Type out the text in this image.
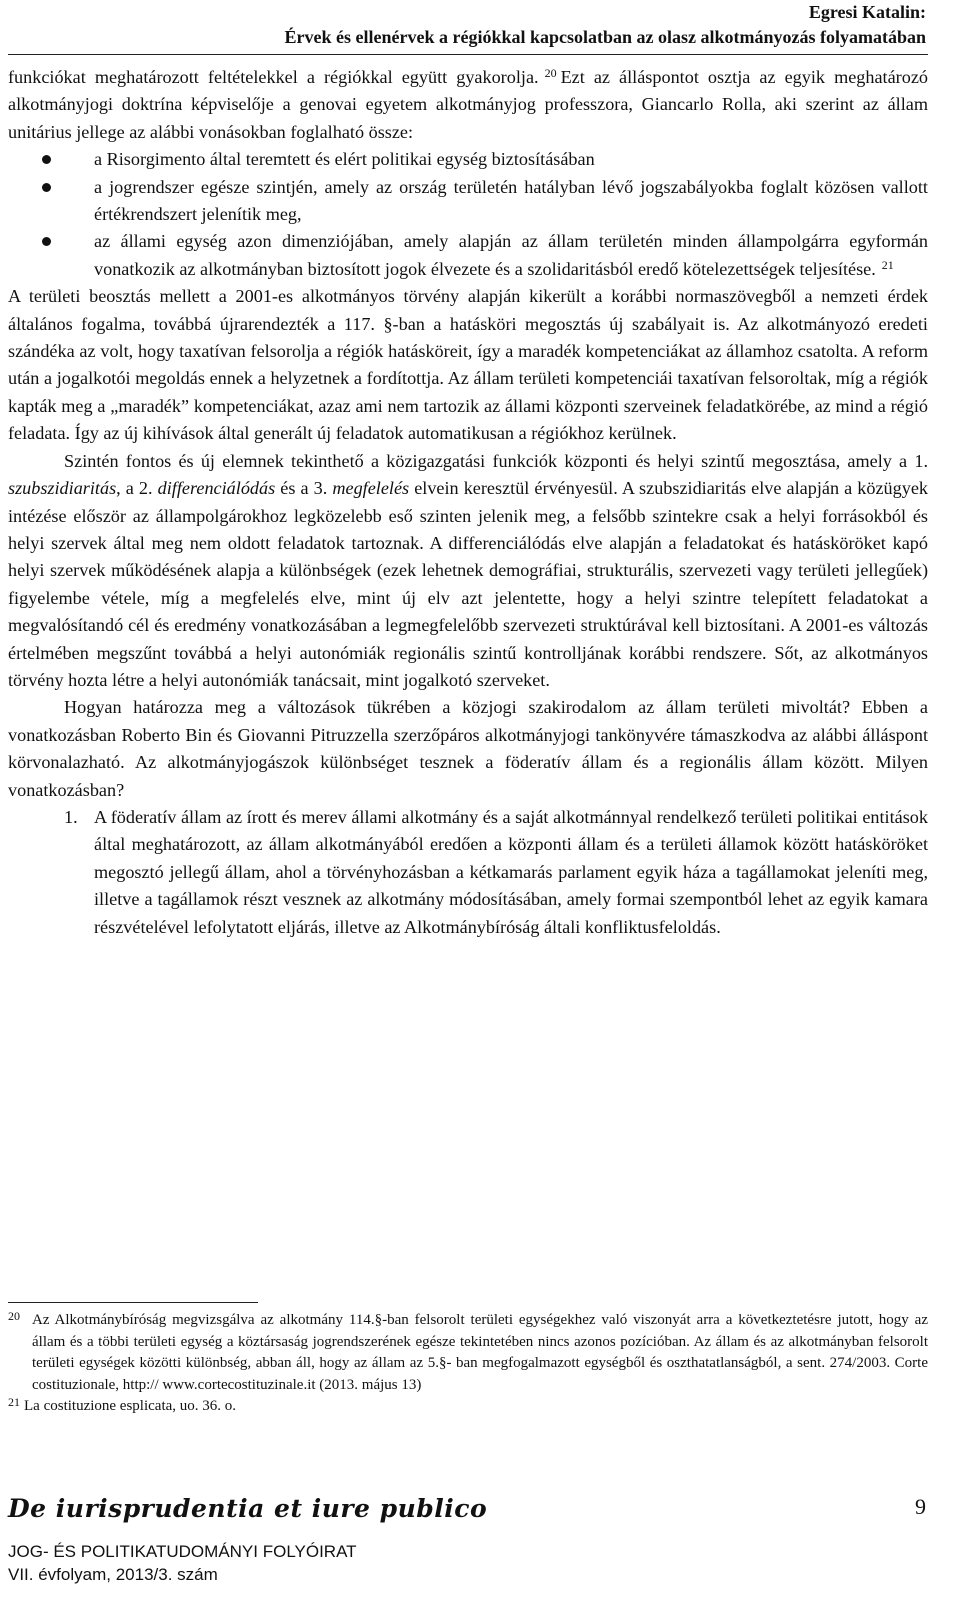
Egresi Katalin:
Érvek és ellenérvek a régiókkal kapcsolatban az olasz alkotmányozás folyamatában

funkciókat meghatározott feltételekkel a régiókkal együtt gyakorolja. $^{20}$ Ezt az álláspontot osztja az egyik meghatározó alkotmányjogi doktrína képviselője a genovai egyetem alkotmányjog professzora, Giancarlo Rolla, aki szerint az állam unitárius jellege az alábbi vonásokban foglalható össze:

a Risorgimento által teremtett és elért politikai egység biztosításában
a jogrendszer egésze szintjén, amely az ország területén hatályban lévő jogszabályokba foglalt közösen vallott értékrendszert jelenítik meg,
az állami egység azon dimenziójában, amely alapján az állam területén minden állampolgárra egyformán vonatkozik az alkotmányban biztosított jogok élvezete és a szolidaritásból eredő kötelezettségek teljesítése. $^{21}$

A területi beosztás mellett a 2001-es alkotmányos törvény alapján kikerült a korábbi normaszövegből a nemzeti érdek általános fogalma, továbbá újrarendezték a 117. §-ban a hatásköri megosztás új szabályait is. Az alkotmányozó eredeti szándéka az volt, hogy taxatívan felsorolja a régiók hatásköreit, így a maradék kompetenciákat az államhoz csatolta. A reform után a jogalkotói megoldás ennek a helyzetnek a fordítottja. Az állam területi kompetenciái taxatívan felsoroltak, míg a régiók kapták meg a „maradék” kompetenciákat, azaz ami nem tartozik az állami központi szerveinek feladatkörébe, az mind a régió feladata. Így az új kihívások által generált új feladatok automatikusan a régiókhoz kerülnek.

Szintén fontos és új elemnek tekinthető a közigazgatási funkciók központi és helyi szintű megosztása, amely a 1. szubszidiaritás, a 2. differenciálódás és a 3. megfelelés elvein keresztül érvényesül. A szubszidiaritás elve alapján a közügyek intézése először az állampolgárokhoz legközelebb eső szinten jelenik meg, a felsőbb szintekre csak a helyi forrásokból és helyi szervek által meg nem oldott feladatok tartoznak. A differenciálódás elve alapján a feladatokat és hatásköröket kapó helyi szervek működésének alapja a különbségek (ezek lehetnek demográfiai, strukturális, szervezeti vagy területi jellegűek) figyelembe vétele, míg a megfelelés elve, mint új elv azt jelentette, hogy a helyi szintre telepített feladatokat a megvalósítandó cél és eredmény vonatkozásában a legmegfelelőbb szervezeti struktúrával kell biztosítani. A 2001-es változás értelmében megszűnt továbbá a helyi autonómiák regionális szintű kontrolljának korábbi rendszere. Sőt, az alkotmányos törvény hozta létre a helyi autonómiák tanácsait, mint jogalkotó szerveket.

Hogyan határozza meg a változások tükrében a közjogi szakirodalom az állam területi mivoltát? Ebben a vonatkozásban Roberto Bin és Giovanni Pitruzzella szerzőpáros alkotmányjogi tankönyvére támaszkodva az alábbi álláspont körvonalazható. Az alkotmányjogászok különbséget tesznek a föderatív állam és a regionális állam között. Milyen vonatkozásban?

1. A föderatív állam az írott és merev állami alkotmány és a saját alkotmánnyal rendelkező területi politikai entitások által meghatározott, az állam alkotmányából eredően a központi állam és a területi államok között hatásköröket megosztó jellegű állam, ahol a törvényhozásban a kétkamarás parlament egyik háza a tagállamokat jeleníti meg, illetve a tagállamok részt vesznek az alkotmány módosításában, amely formai szempontból lehet az egyik kamara részvételével lefolytatott eljárás, illetve az Alkotmánybíróság általi konfliktusfeloldás.
20 Az Alkotmánybíróság megvizsgálva az alkotmány 114.§-ban felsorolt területi egységekhez való viszonyát arra a következtetésre jutott, hogy az állam és a többi területi egység a köztársaság jogrendszerének egésze tekintetében nincs azonos pozícióban. Az állam és az alkotmányban felsorolt területi egységek közötti különbség, abban áll, hogy az állam az 5.§- ban megfogalmazott egységből és oszthatatlanságból, a sent. 274/2003. Corte costituzionale, http:// www.cortecostituzinale.it (2013. május 13)
21 La costituzione esplicata, uo. 36. o.
De iurisprudentia et iure publico	9
JOG- ÉS POLITIKATUDOMÁNYI FOLYÓIRAT
VII. évfolyam, 2013/3. szám
